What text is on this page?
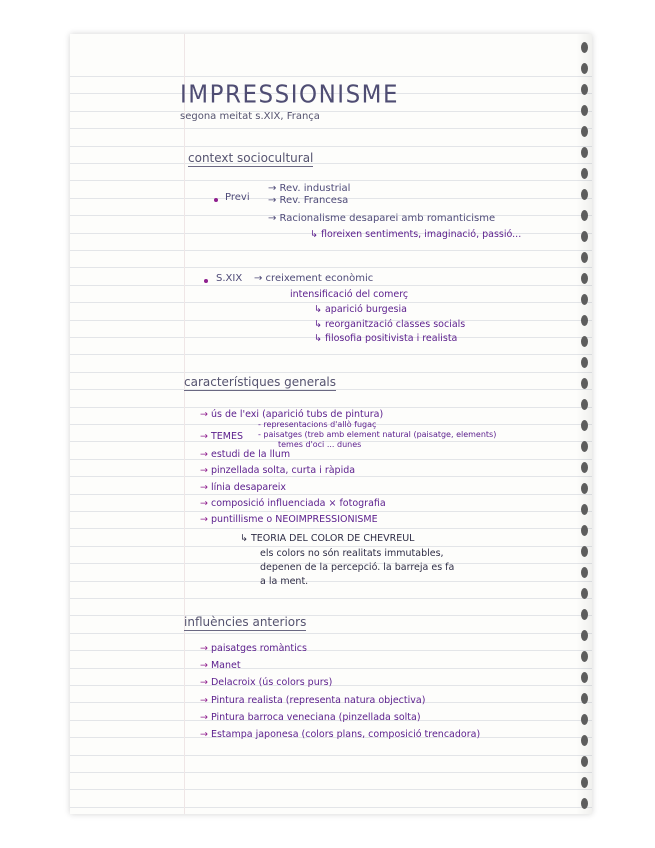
IMPRESSIONISME
segona meitat s.XIX, França
context sociocultural
Previ
→ Rev. industrial
→ Rev. Francesa
→ Racionalisme desaparei amb romanticisme
↳ floreixen sentiments, imaginació, passió...
S.XIX → creixement econòmic
intensificació del comerç
↳ aparició burgesia
↳ reorganització classes socials
↳ filosofia positivista i realista
característiques generals
→ ús de l'exi (aparició tubs de pintura)
→ TEMES
- representacions d'allò fugaç
- paisatges (treb amb element natural (paisatge, elements)
temes d'oci ... dunes
→ estudi de la llum
→ pinzellada solta, curta i ràpida
→ línia desapareix
→ composició influenciada × fotografia
→ puntillisme o NEOIMPRESSIONISME
↳ TEORIA DEL COLOR DE CHEVREUL
els colors no són realitats immutables,
depenen de la percepció. la barreja es fa
a la ment.
influències anteriors
→ paisatges romàntics
→ Manet
→ Delacroix (ús colors purs)
→ Pintura realista (representa natura objectiva)
→ Pintura barroca veneciana (pinzellada solta)
→ Estampa japonesa (colors plans, composició trencadora)
